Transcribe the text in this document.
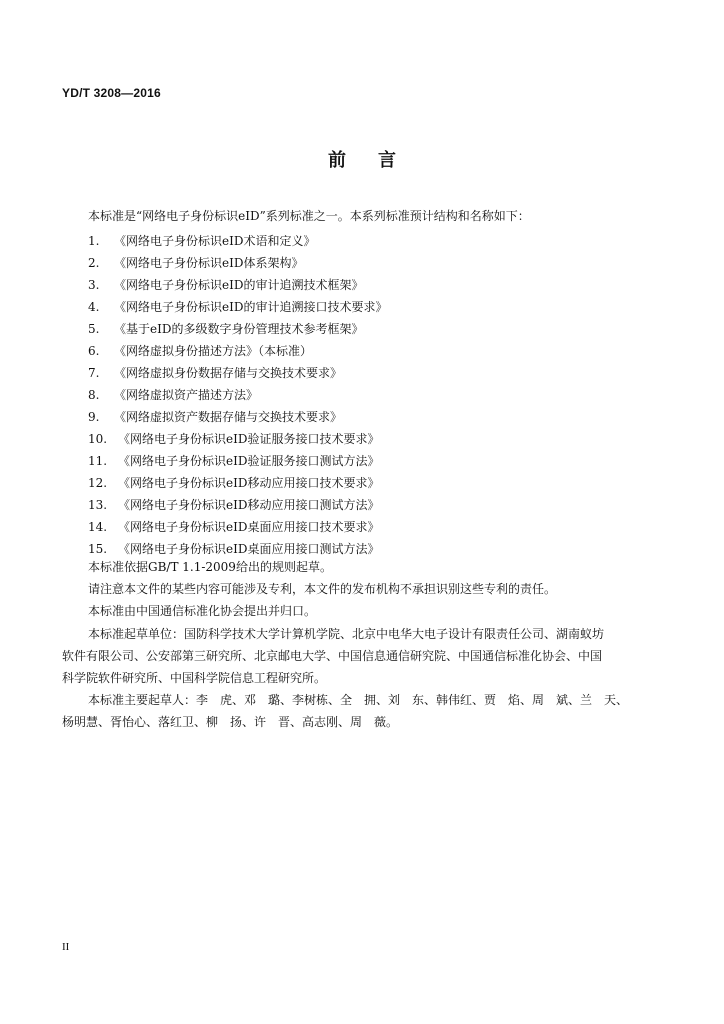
YD/T 3208—2016
前言
本标准是“网络电子身份标识eID”系列标准之一。本系列标准预计结构和名称如下：
1. 《网络电子身份标识eID术语和定义》
2. 《网络电子身份标识eID体系架构》
3. 《网络电子身份标识eID的审计追溯技术框架》
4. 《网络电子身份标识eID的审计追溯接口技术要求》
5. 《基于eID的多级数字身份管理技术参考框架》
6. 《网络虚拟身份描述方法》（本标准）
7. 《网络虚拟身份数据存储与交换技术要求》
8. 《网络虚拟资产描述方法》
9. 《网络虚拟资产数据存储与交换技术要求》
10. 《网络电子身份标识eID验证服务接口技术要求》
11. 《网络电子身份标识eID验证服务接口测试方法》
12. 《网络电子身份标识eID移动应用接口技术要求》
13. 《网络电子身份标识eID移动应用接口测试方法》
14. 《网络电子身份标识eID桌面应用接口技术要求》
15. 《网络电子身份标识eID桌面应用接口测试方法》

本标准依据GB/T 1.1-2009给出的规则起草。

请注意本文件的某些内容可能涉及专利，本文件的发布机构不承担识别这些专利的责任。

本标准由中国通信标准化协会提出并归口。

本标准起草单位：国防科学技术大学计算机学院、北京中电华大电子设计有限责任公司、湖南蚁坊
软件有限公司、公安部第三研究所、北京邮电大学、中国信息通信研究院、中国通信标准化协会、中国
科学院软件研究所、中国科学院信息工程研究所。

本标准主要起草人：李　虎、邓　璐、李树栋、全　拥、刘　东、韩伟红、贾　焰、周　斌、兰　天、
杨明慧、胥怡心、落红卫、柳　扬、许　晋、高志刚、周　薇。

II
